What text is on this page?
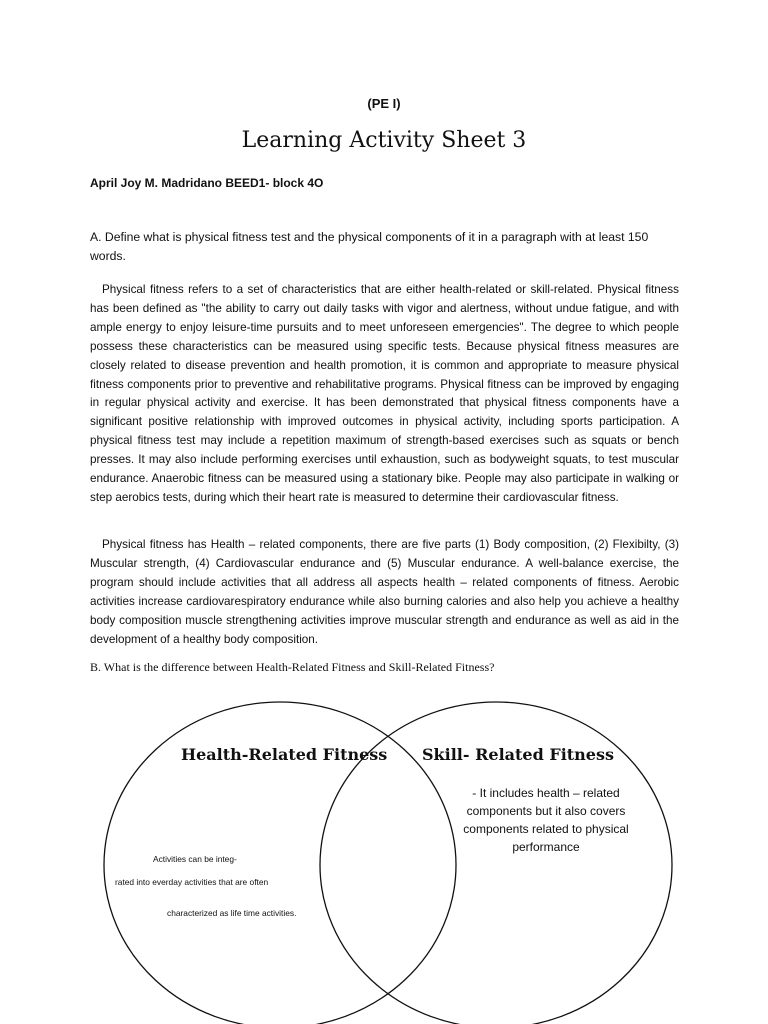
(PE I)
Learning Activity Sheet 3
April Joy M. Madridano BEED1- block 4O
A. Define what is physical fitness test and the physical components of it in a paragraph with at least 150 words.
Physical fitness refers to a set of characteristics that are either health-related or skill-related. Physical fitness has been defined as "the ability to carry out daily tasks with vigor and alertness, without undue fatigue, and with ample energy to enjoy leisure-time pursuits and to meet unforeseen emergencies". The degree to which people possess these characteristics can be measured using specific tests. Because physical fitness measures are closely related to disease prevention and health promotion, it is common and appropriate to measure physical fitness components prior to preventive and rehabilitative programs. Physical fitness can be improved by engaging in regular physical activity and exercise. It has been demonstrated that physical fitness components have a significant positive relationship with improved outcomes in physical activity, including sports participation. A physical fitness test may include a repetition maximum of strength-based exercises such as squats or bench presses. It may also include performing exercises until exhaustion, such as bodyweight squats, to test muscular endurance. Anaerobic fitness can be measured using a stationary bike. People may also participate in walking or step aerobics tests, during which their heart rate is measured to determine their cardiovascular fitness.
Physical fitness has Health – related components, there are five parts (1) Body composition, (2) Flexibilty, (3) Muscular strength, (4) Cardiovascular endurance and (5) Muscular endurance. A well-balance exercise, the program should include activities that all address all aspects health – related components of fitness. Aerobic activities increase cardiovarespiratory endurance while also burning calories and also help you achieve a healthy body composition muscle strengthening activities improve muscular strength and endurance as well as aid in the development of a healthy body composition.
B. What is the difference between Health-Related Fitness and Skill-Related Fitness?
Health-Related Fitness Skill- Related Fitness
- It includes health – related components but it also covers components related to physical performance
Activities can be integ-
rated into everday activities that are often
characterized as life time activities.
